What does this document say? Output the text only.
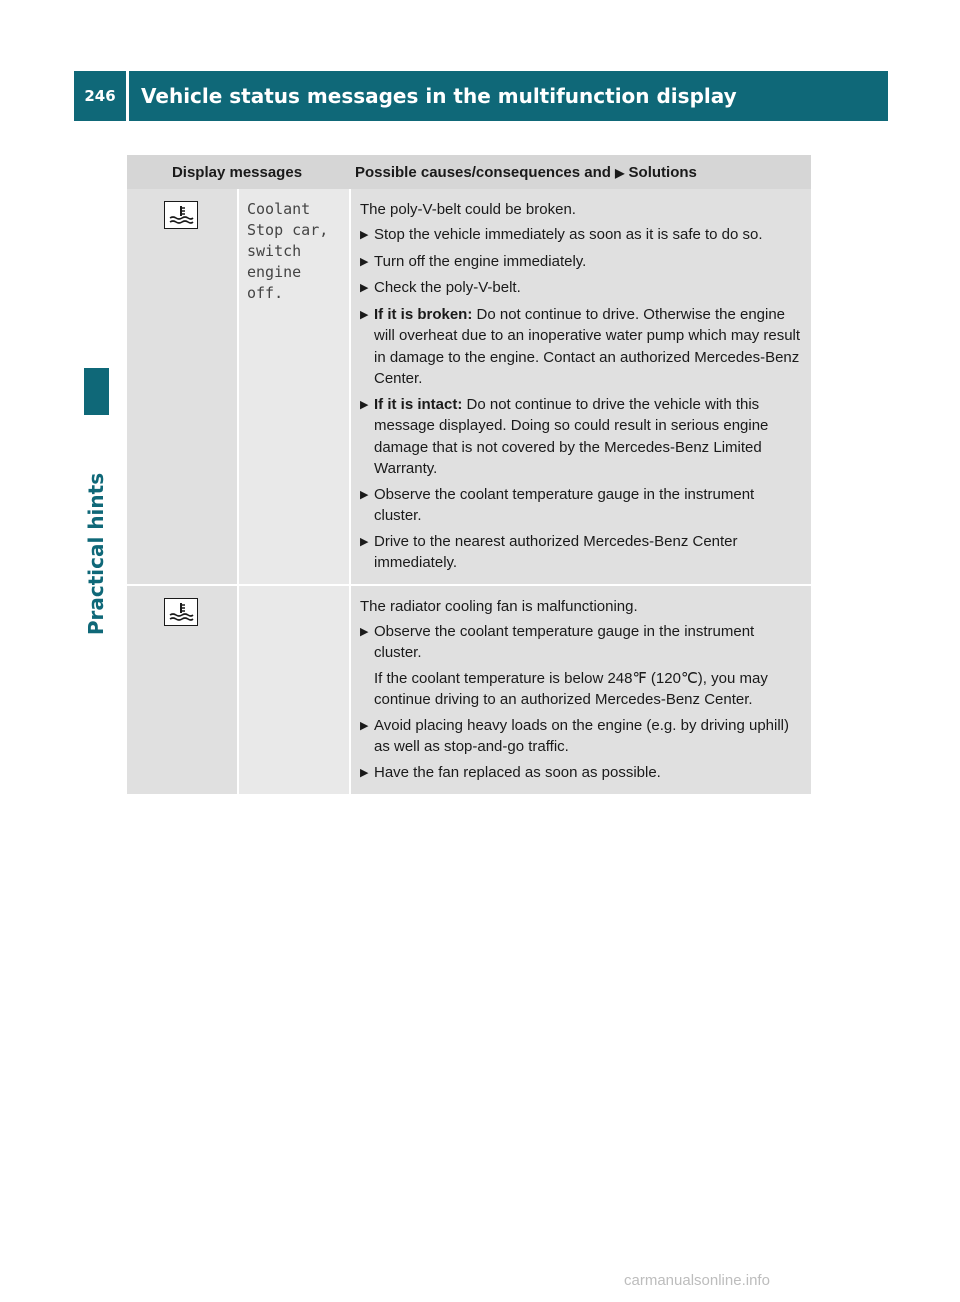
246	Vehicle status messages in the multifunction display
Practical hints
Display messages	Possible causes/consequences and ▶ Solutions
Coolant
Stop car,
switch
engine
off.
The poly-V-belt could be broken.
▶ Stop the vehicle immediately as soon as it is safe to do so.
▶ Turn off the engine immediately.
▶ Check the poly-V-belt.
▶ If it is broken: Do not continue to drive. Otherwise the engine will overheat due to an inoperative water pump which may result in damage to the engine. Contact an authorized Mercedes-Benz Center.
▶ If it is intact: Do not continue to drive the vehicle with this message displayed. Doing so could result in serious engine damage that is not covered by the Mercedes-Benz Limited Warranty.
▶ Observe the coolant temperature gauge in the instrument cluster.
▶ Drive to the nearest authorized Mercedes-Benz Center immediately.
The radiator cooling fan is malfunctioning.
▶ Observe the coolant temperature gauge in the instrument cluster.
If the coolant temperature is below 248℉ (120℃), you may continue driving to an authorized Mercedes-Benz Center.
▶ Avoid placing heavy loads on the engine (e.g. by driving uphill) as well as stop-and-go traffic.
▶ Have the fan replaced as soon as possible.
carmanualsonline.info
